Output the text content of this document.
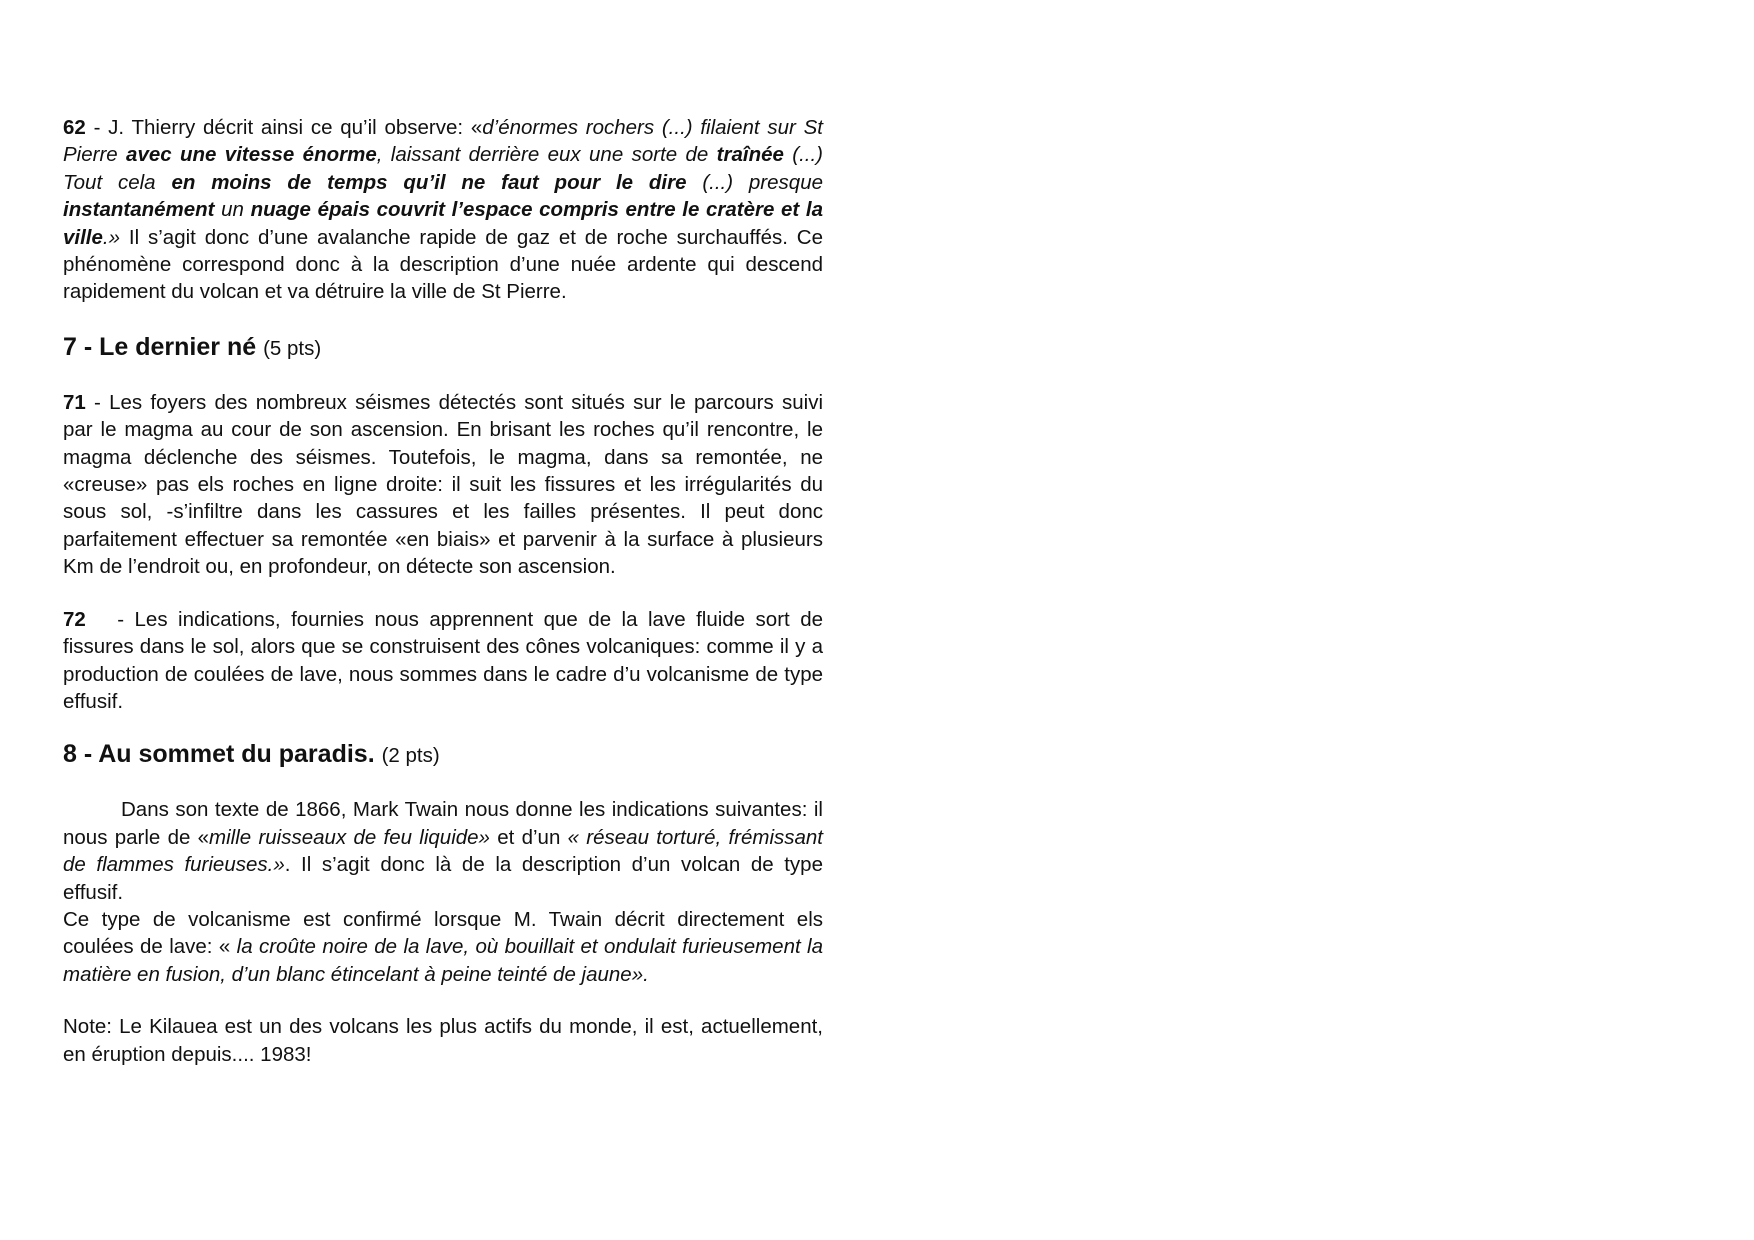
62 - J. Thierry décrit ainsi ce qu’il observe: «d’énormes rochers (...) filaient sur St Pierre avec une vitesse énorme, laissant derrière eux une sorte de traînée (...) Tout cela en moins de temps qu’il ne faut pour le dire (...) presque instantanément un nuage épais couvrit l’espace compris entre le cratère et la ville.» Il s’agit donc d’une avalanche rapide de gaz et de roche surchauffés. Ce phénomène correspond donc à la description d’une nuée ardente qui descend rapidement du volcan et va détruire la ville de St Pierre.

7 - Le dernier né (5 pts)

71 - Les foyers des nombreux séismes détectés sont situés sur le parcours suivi par le magma au cour de son ascension. En brisant les roches qu’il rencontre, le magma déclenche des séismes. Toutefois, le magma, dans sa remontée, ne «creuse» pas els roches en ligne droite: il suit les fissures et les irrégularités du sous sol, -s’infiltre dans les cassures et les failles présentes. Il peut donc parfaitement effectuer sa remontée «en biais» et parvenir à la surface à plusieurs Km de l’endroit ou, en profondeur, on détecte son ascension.

72   - Les indications, fournies nous apprennent que de la lave fluide sort de fissures dans le sol, alors que se construisent des cônes volcaniques: comme il y a production de coulées de lave, nous sommes dans le cadre d’u volcanisme de type effusif.

8 - Au sommet du paradis. (2 pts)

Dans son texte de 1866, Mark Twain nous donne les indications suivantes: il nous parle de «mille ruisseaux de feu liquide» et d’un « réseau torturé, frémissant de flammes furieuses.». Il s’agit donc là de la description d’un volcan de type effusif.

Ce type de volcanisme est confirmé lorsque M. Twain décrit directement els coulées de lave: « la croûte noire de la lave, où bouillait et ondulait furieusement la matière en fusion, d’un blanc étincelant à peine teinté de jaune».

Note: Le Kilauea est un des volcans les plus actifs du monde, il est, actuellement, en éruption depuis.... 1983!
